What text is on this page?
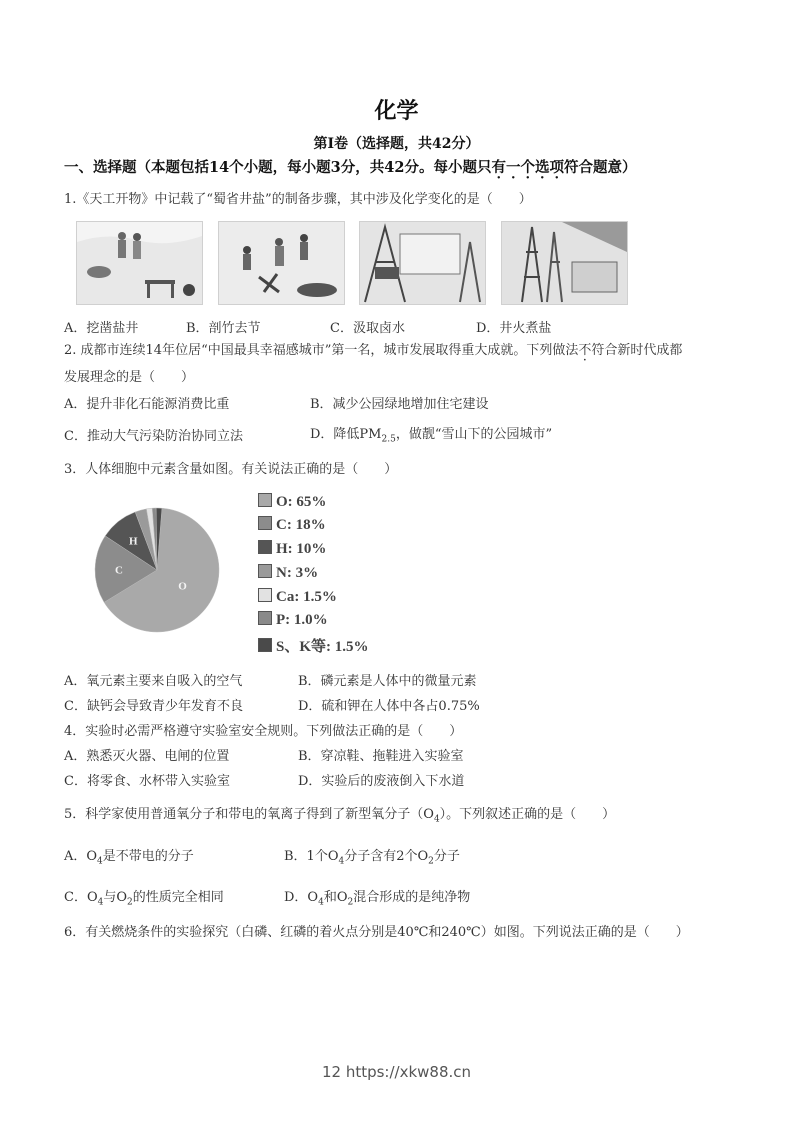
化学
第I卷（选择题，共42分）
一、选择题（本题包括14个小题，每小题3分，共42分。每小题只有一个选项符合题意）
1.《天工开物》中记载了“蜀省井盐”的制备步骤，其中涉及化学变化的是（　　）
A．挖凿盐井	B．剖竹去节	C．汲取卤水	D．井火煮盐
2. 成都市连续14年位居“中国最具幸福感城市”第一名，城市发展取得重大成就。下列做法不符合新时代成都
发展理念的是（　　）
A．提升非化石能源消费比重	B．减少公园绿地增加住宅建设
C．推动大气污染防治协同立法	D．降低$PM_{2.5}$，做靓“雪山下的公园城市”
3．人体细胞中元素含量如图。有关说法正确的是（　　）
O
C
H
O: 65%
C: 18%
H: 10%
N: 3%
Ca: 1.5%
P: 1.0%
S、K等: 1.5%
A．氧元素主要来自吸入的空气	B．磷元素是人体中的微量元素
C．缺钙会导致青少年发育不良	D．硫和钾在人体中各占0.75%
4．实验时必需严格遵守实验室安全规则。下列做法正确的是（　　）
A．熟悉灭火器、电闸的位置	B．穿凉鞋、拖鞋进入实验室
C．将零食、水杯带入实验室	D．实验后的废液倒入下水道
5．科学家使用普通氧分子和带电的氧离子得到了新型氧分子$(O_4)$。下列叙述正确的是（　　）
A．$O_4$是不带电的分子	B．1个$O_4$分子含有2个$O_2$分子
C．$O_4$与$O_2$的性质完全相同	D．$O_4$和$O_2$混合形成的是纯净物
6．有关燃烧条件的实验探究（白磷、红磷的着火点分别是40℃和240℃）如图。下列说法正确的是（　　）
12 https://xkw88.cn
